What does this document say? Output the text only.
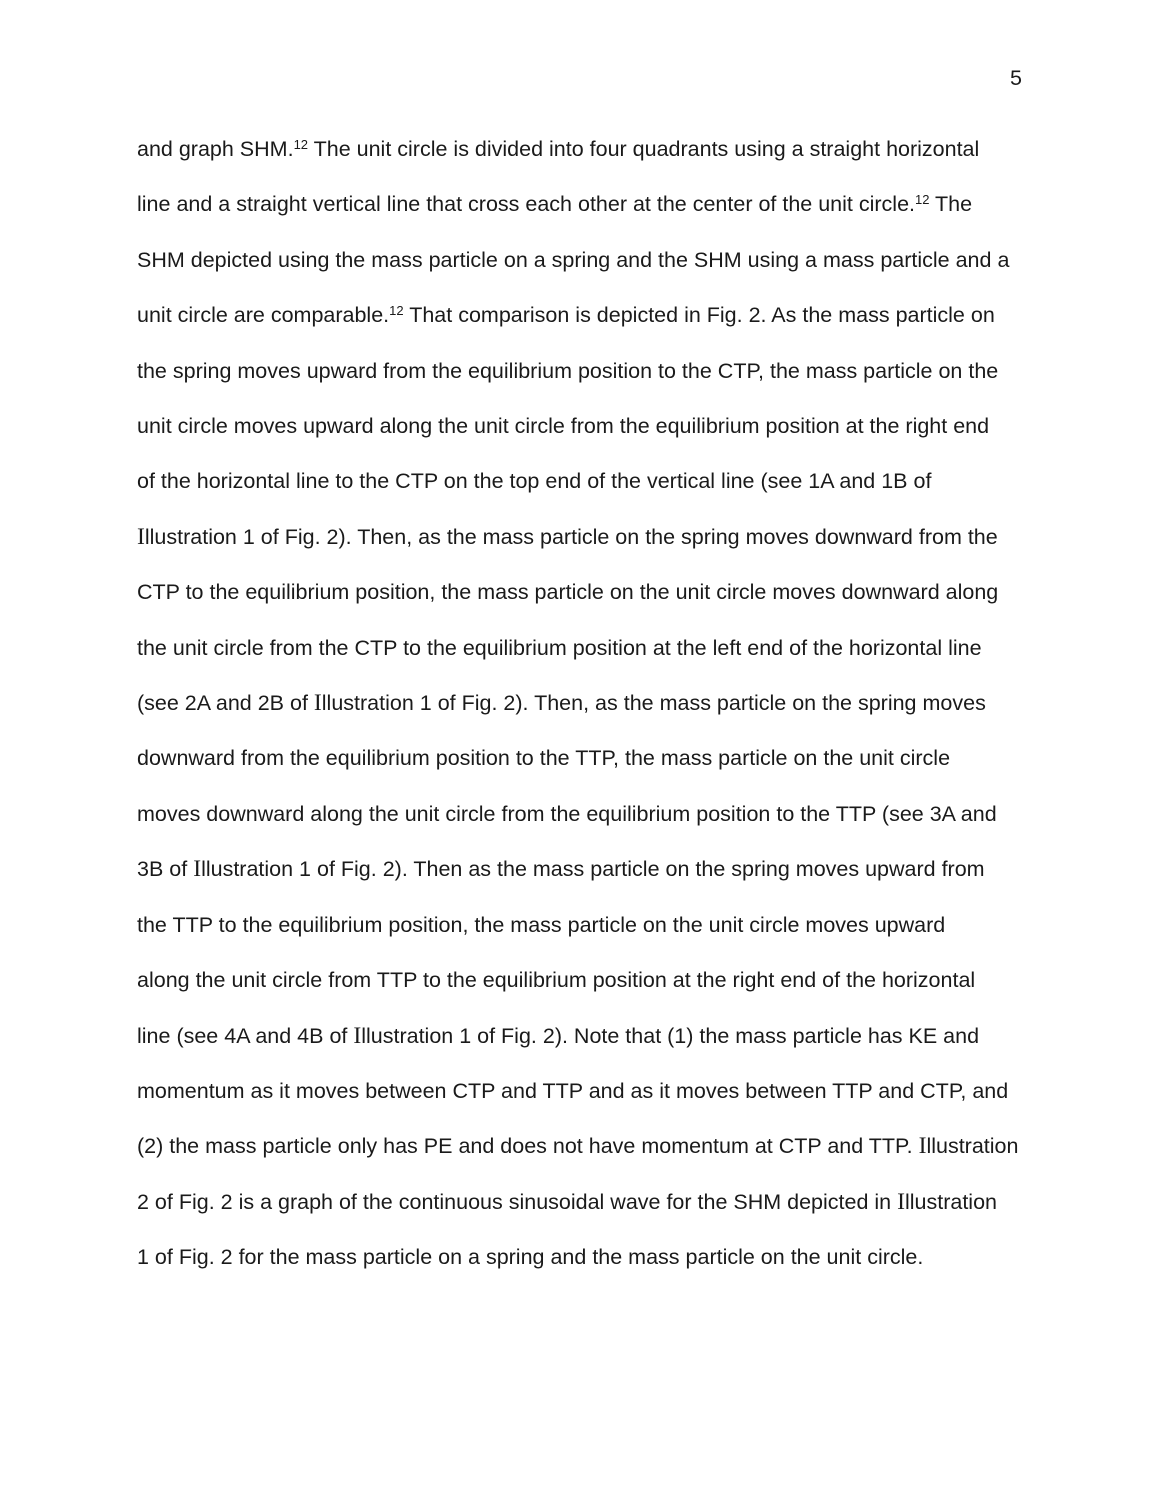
5
and graph SHM.$^{12}$ The unit circle is divided into four quadrants using a straight horizontal
line and a straight vertical line that cross each other at the center of the unit circle.$^{12}$ The
SHM depicted using the mass particle on a spring and the SHM using a mass particle and a
unit circle are comparable.$^{12}$ That comparison is depicted in Fig. 2. As the mass particle on
the spring moves upward from the equilibrium position to the CTP, the mass particle on the
unit circle moves upward along the unit circle from the equilibrium position at the right end
of the horizontal line to the CTP on the top end of the vertical line (see 1A and 1B of
Illustration 1 of Fig. 2). Then, as the mass particle on the spring moves downward from the
CTP to the equilibrium position, the mass particle on the unit circle moves downward along
the unit circle from the CTP to the equilibrium position at the left end of the horizontal line
(see 2A and 2B of Illustration 1 of Fig. 2). Then, as the mass particle on the spring moves
downward from the equilibrium position to the TTP, the mass particle on the unit circle
moves downward along the unit circle from the equilibrium position to the TTP (see 3A and
3B of Illustration 1 of Fig. 2). Then as the mass particle on the spring moves upward from
the TTP to the equilibrium position, the mass particle on the unit circle moves upward
along the unit circle from TTP to the equilibrium position at the right end of the horizontal
line (see 4A and 4B of Illustration 1 of Fig. 2). Note that (1) the mass particle has KE and
momentum as it moves between CTP and TTP and as it moves between TTP and CTP, and
(2) the mass particle only has PE and does not have momentum at CTP and TTP. Illustration
2 of Fig. 2 is a graph of the continuous sinusoidal wave for the SHM depicted in Illustration
1 of Fig. 2 for the mass particle on a spring and the mass particle on the unit circle.
